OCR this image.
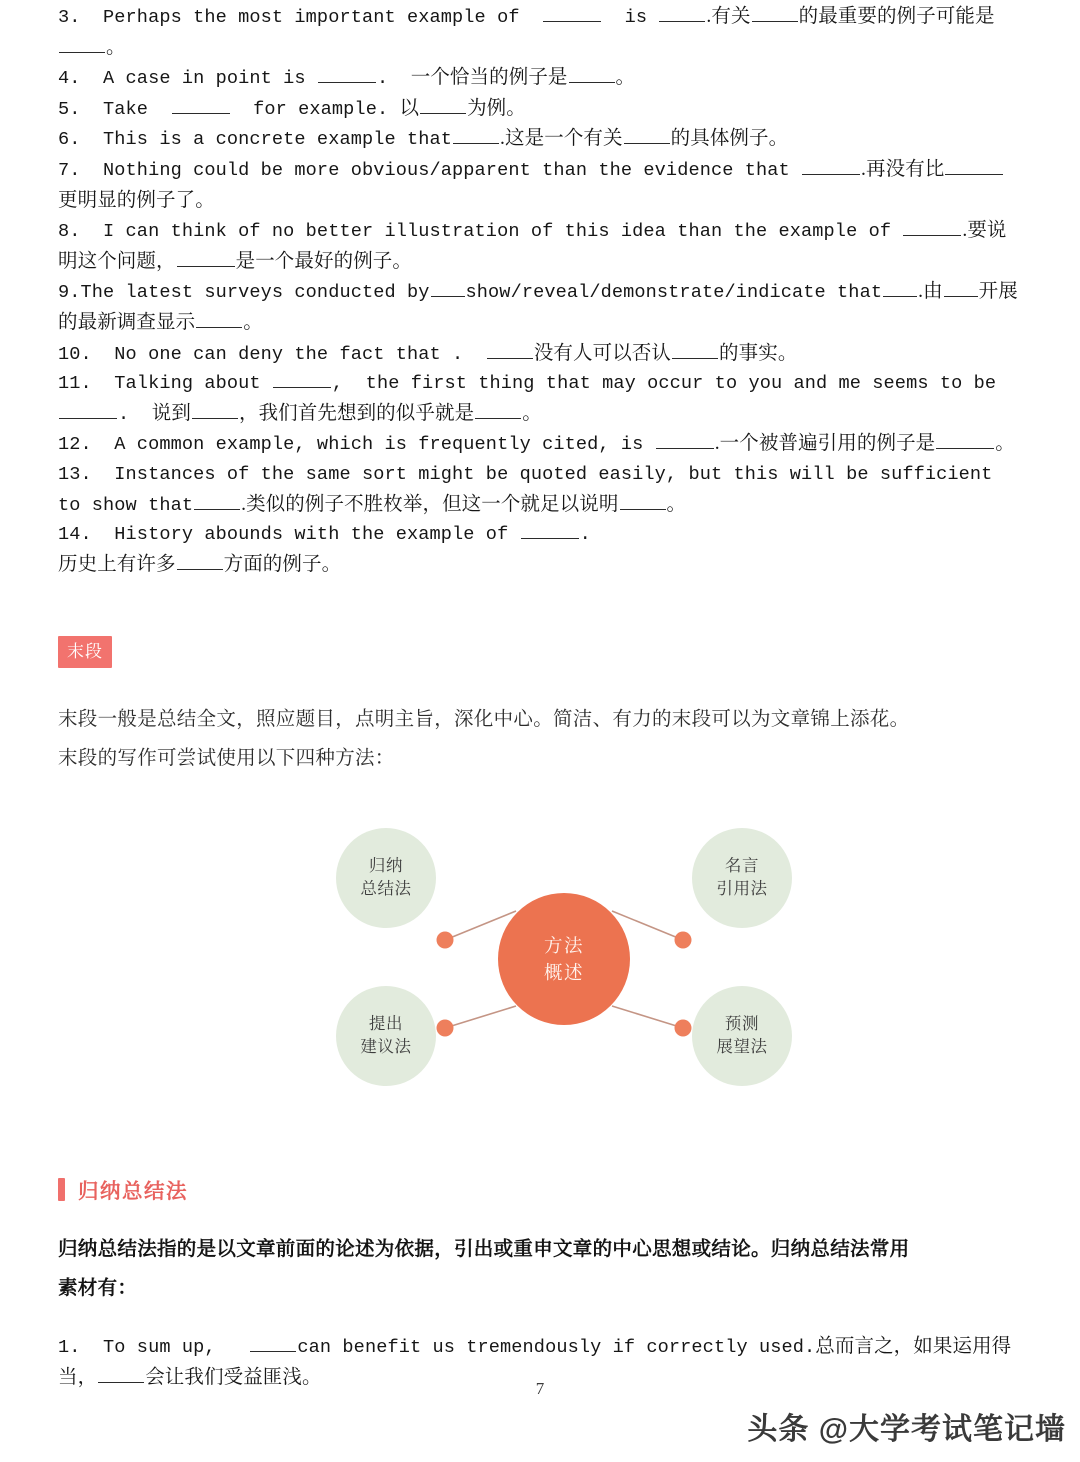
3.  Perhaps the most important example of	is .有关 的最重要的例子可能是。
4.  A case in point is	.  一个恰当的例子是 。
5.  Take	for example. 以 为例。
6.  This is a concrete example that .这是一个有关 的具体例子。
7.  Nothing could be more obvious/apparent than the evidence that	.再没有比更明显的例子了。
8.  I can think of no better illustration of this idea than the example of	.要说明这个问题，	是一个最好的例子。
9.The latest surveys conducted by show/reveal/demonstrate/indicate that .由 开展的最新调查显示 。
10.  No one can deny the fact that .  没有人可以否认 的事实。
11.  Talking about	,  the first thing that may occur to you and me seems to be .  说到 ，我们首先想到的似乎就是 。
12.  A common example, which is frequently cited, is	.一个被普遍引用的例子是	。
13.  Instances of the same sort might be quoted easily, but this will be sufficient to show that .类似的例子不胜枚举，但这一个就足以说明 。
14.  History abounds with the example of	.
历史上有许多 方面的例子。
末段
末段一般是总结全文，照应题目，点明主旨，深化中心。简洁、有力的末段可以为文章锦上添花。
末段的写作可尝试使用以下四种方法：
归纳
总结法
名言
引用法
提出
建议法
预测
展望法
方法
概述
归纳总结法
归纳总结法指的是以文章前面的论述为依据，引出或重申文章的中心思想或结论。归纳总结法常用
素材有：
1.  To sum up,	can benefit us tremendously if correctly used.总而言之，如果运用得当， 会让我们受益匪浅。
7
头条 @大学考试笔记墙
